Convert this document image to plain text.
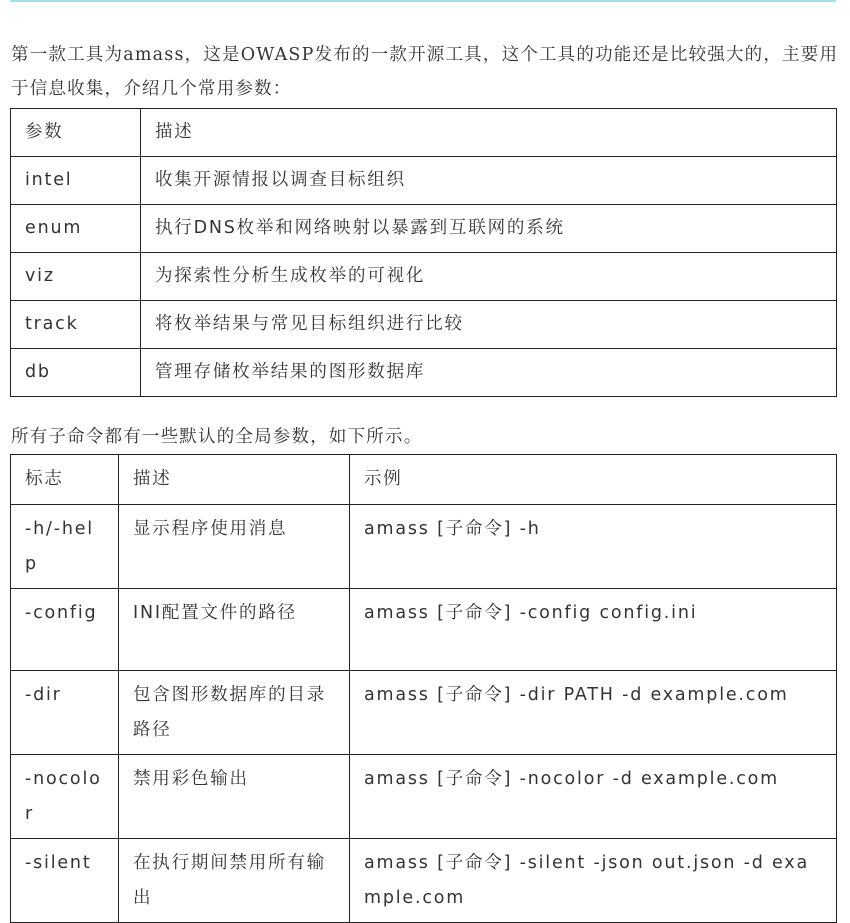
第一款工具为amass，这是OWASP发布的一款开源工具，这个工具的功能还是比较强大的，主要用于信息收集，介绍几个常用参数：

参数	描述
intel	收集开源情报以调查目标组织
enum	执行DNS枚举和网络映射以暴露到互联网的系统
viz	为探索性分析生成枚举的可视化
track	将枚举结果与常见目标组织进行比较
db	管理存储枚举结果的图形数据库

所有子命令都有一些默认的全局参数，如下所示。

标志	描述	示例
-h/-help	显示程序使用消息	amass [子命令] -h
-config	INI配置文件的路径	amass [子命令] -config config.ini
-dir	包含图形数据库的目录路径	amass [子命令] -dir PATH -d example.com
-nocolor	禁用彩色输出	amass [子命令] -nocolor -d example.com
-silent	在执行期间禁用所有输出	amass [子命令] -silent -json out.json -d example.com
